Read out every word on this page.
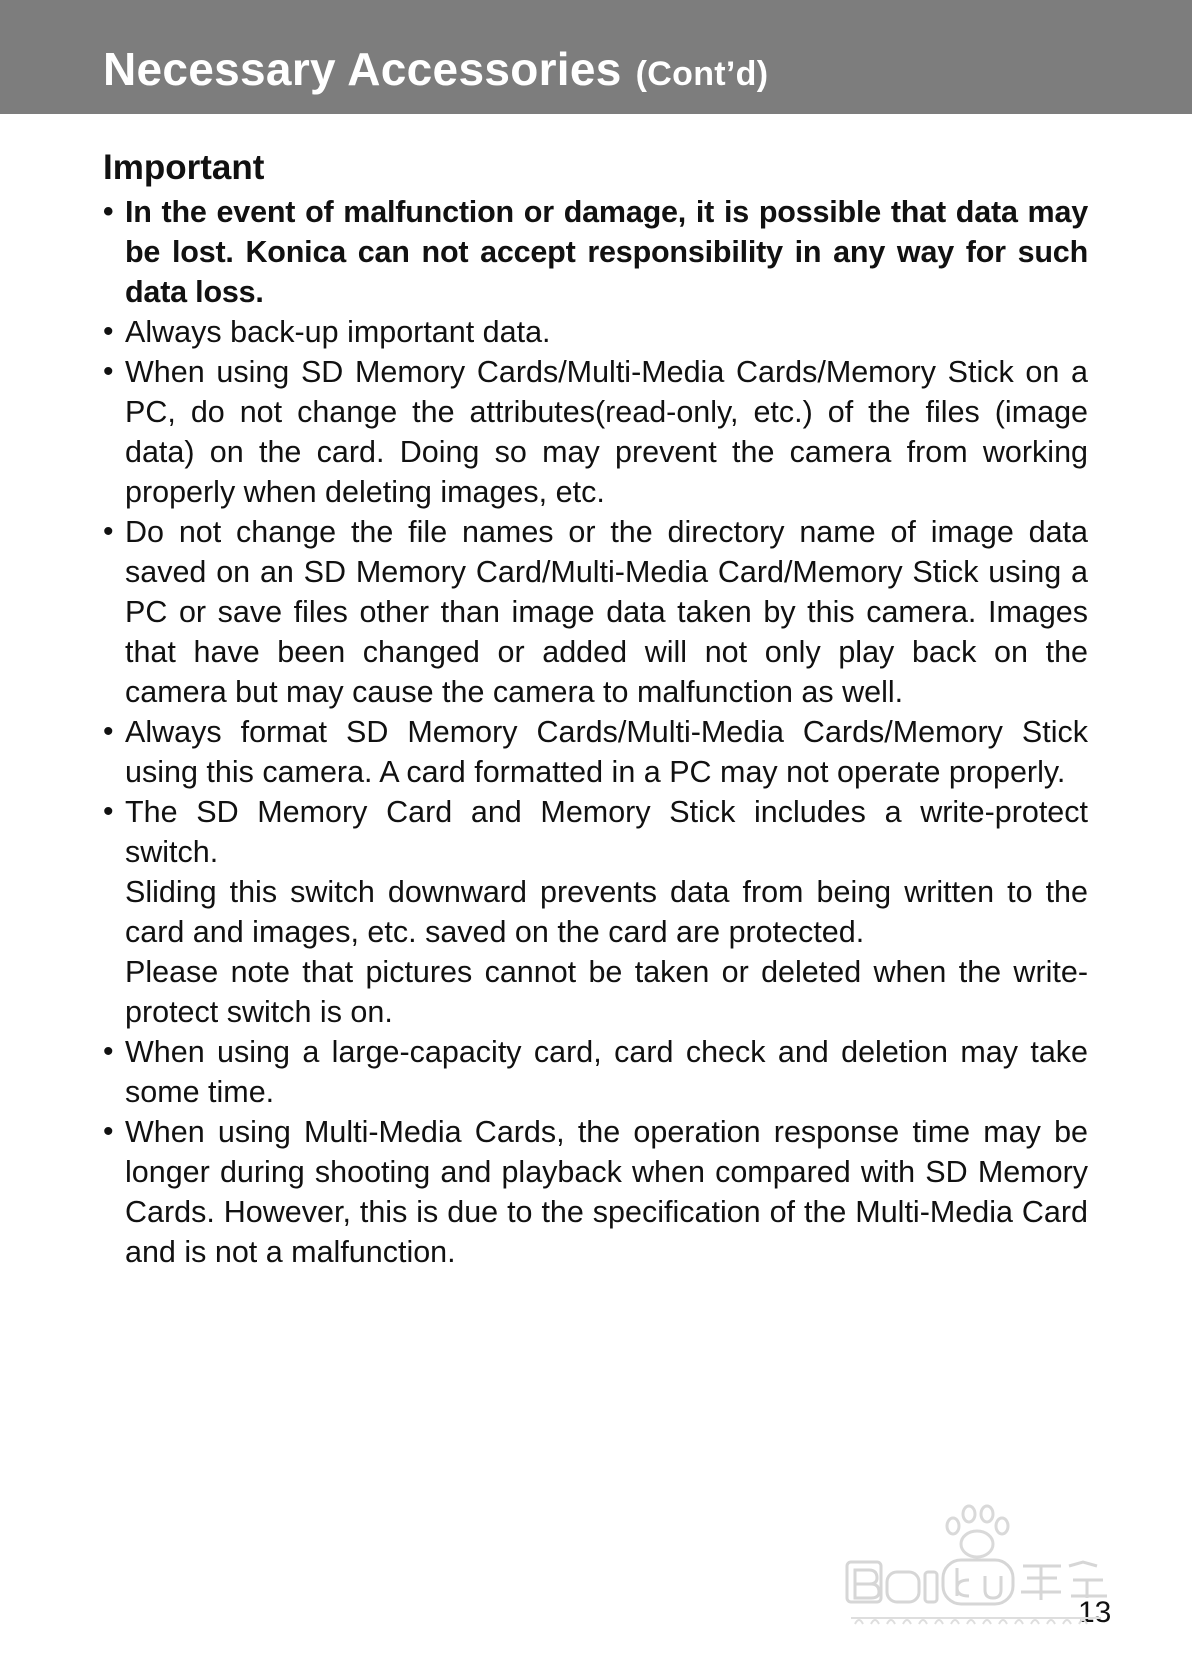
Necessary Accessories (Cont’d)
Important
• In the event of malfunction or damage, it is possible that data may be lost. Konica can not accept responsibility in any way for such data loss.
• Always back-up important data.
• When using SD Memory Cards/Multi-Media Cards/Memory Stick on a PC, do not change the attributes(read-only, etc.) of the files (image data) on the card. Doing so may prevent the camera from working properly when deleting images, etc.
• Do not change the file names or the directory name of image data saved on an SD Memory Card/Multi-Media Card/Memory Stick using a PC or save files other than image data taken by this camera. Images that have been changed or added will not only play back on the camera but may cause the camera to malfunction as well.
• Always format SD Memory Cards/Multi-Media Cards/Memory Stick using this camera. A card formatted in a PC may not operate properly.
• The SD Memory Card and Memory Stick includes a write-protect switch.
Sliding this switch downward prevents data from being written to the card and images, etc. saved on the card are protected.
Please note that pictures cannot be taken or deleted when the write-protect switch is on.
• When using a large-capacity card, card check and deletion may take some time.
• When using Multi-Media Cards, the operation response time may be longer during shooting and playback when compared with SD Memory Cards. However, this is due to the specification of the Multi-Media Card and is not a malfunction.
13
